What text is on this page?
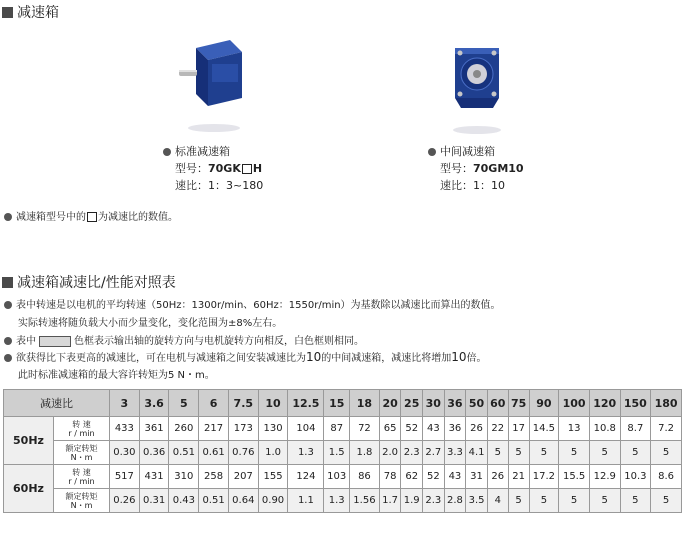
减速箱
标准减速箱
型号：70GK H
速比：1：3~180
中间减速箱
型号：70GM10
速比：1：10
减速箱型号中的 为减速比的数值。
减速箱减速比/性能对照表
表中转速是以电机的平均转速（50Hz：1300r/min、60Hz：1550r/min）为基数除以减速比而算出的数值。
实际转速将随负载大小而少量变化，变化范围为±8%左右。
表中	色框表示输出轴的旋转方向与电机旋转方向相反，白色框则相同。
欲获得比下表更高的减速比，可在电机与减速箱之间安装减速比为10的中间减速箱，减速比将增加10倍。
此时标准减速箱的最大容许转矩为5 N・m。
减速比		3	3.6	5	6	7.5	10	12.5	15	18	20	25	30	36	50	60	75	90	100	120	150	180
50Hz	转 速
r / min	433	361	260	217	173	130	104	87	72	65	52	43	36	26	22	17	14.5	13	10.8	8.7	7.2

	额定转矩
N・m	0.30	0.36	0.51	0.61	0.76	1.0	1.3	1.5	1.8	2.0	2.3	2.7	3.3	4.1	5	5	5	5	5	5	5
60Hz	转 速
r / min	517	431	310	258	207	155	124	103	86	78	62	52	43	31	26	21	17.2	15.5	12.9	10.3	8.6

	额定转矩
N・m	0.26	0.31	0.43	0.51	0.64	0.90	1.1	1.3	1.56	1.7	1.9	2.3	2.8	3.5	4	5	5	5	5	5	5
